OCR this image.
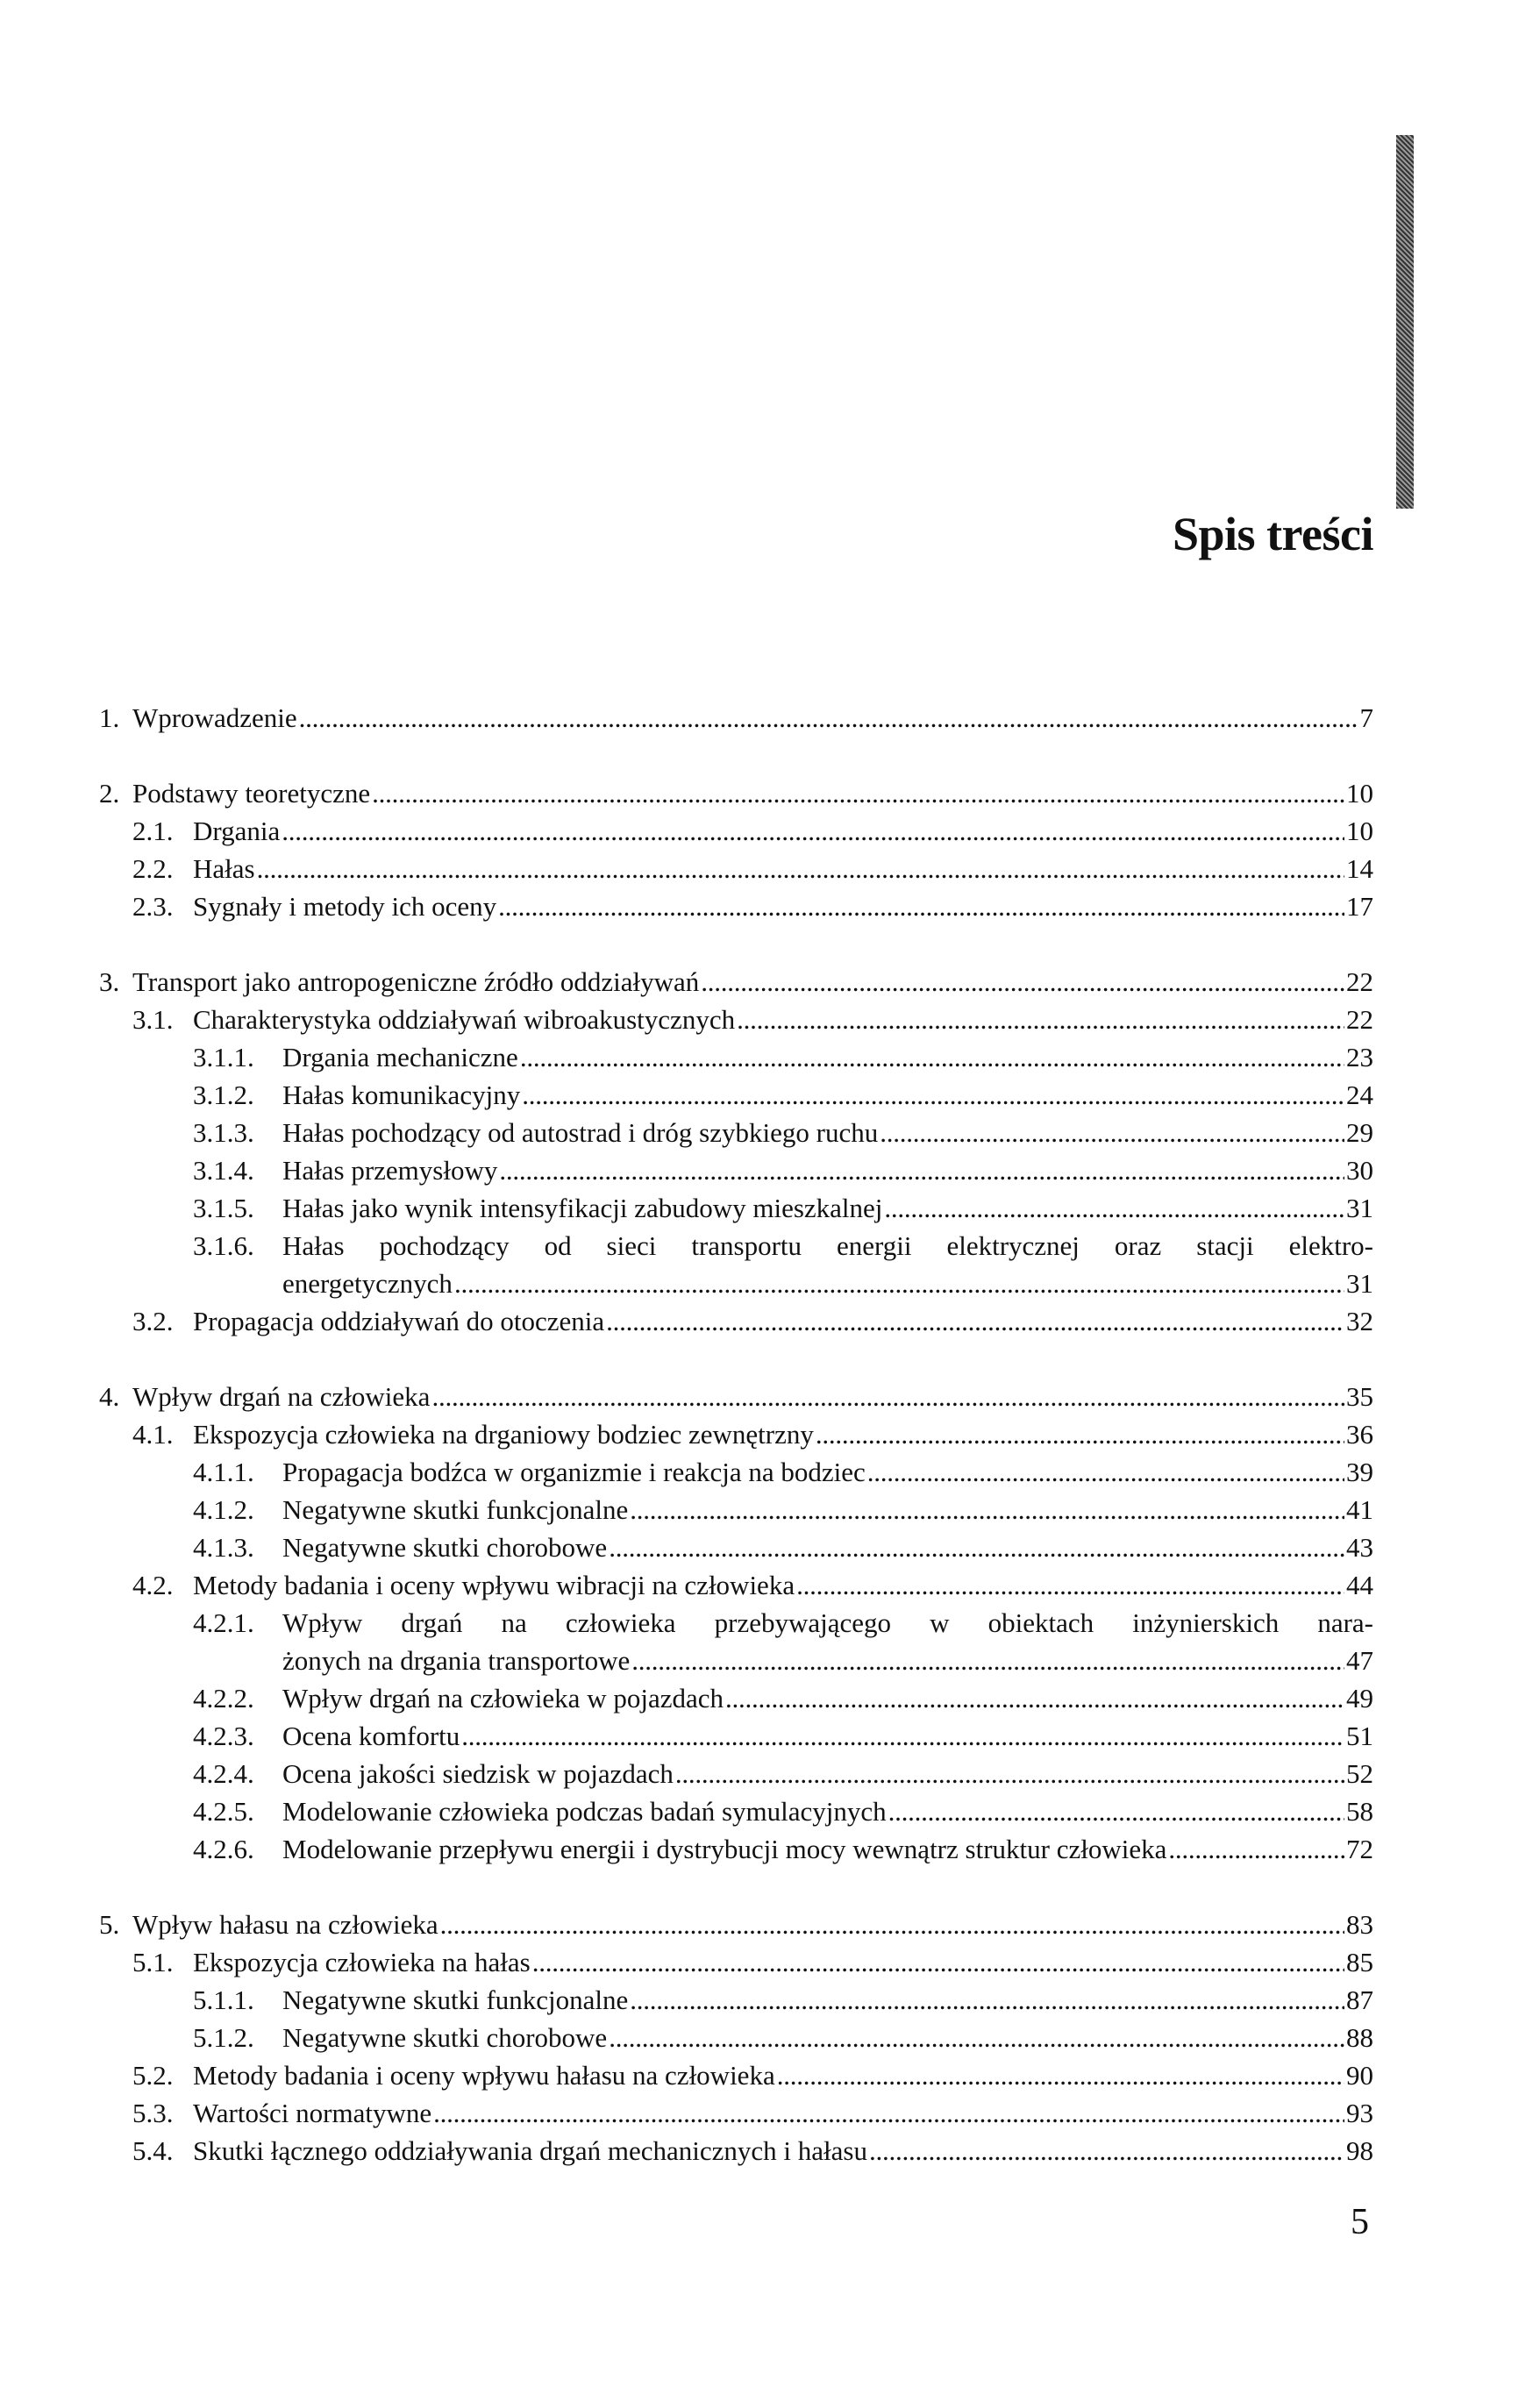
Spis treści
1. Wprowadzenie . . .	7
2. Podstawy teoretyczne . . .	10
2.1. Drgania . . .	10
2.2. Hałas . . .	14
2.3. Sygnały i metody ich oceny . . .	17
3. Transport jako antropogeniczne źródło oddziaływań . . .	22
3.1. Charakterystyka oddziaływań wibroakustycznych . . .	22
3.1.1.	Drgania mechaniczne . . .	23
3.1.2.	Hałas komunikacyjny . . .	24
3.1.3.	Hałas pochodzący od autostrad i dróg szybkiego ruchu . . .	29
3.1.4.	Hałas przemysłowy . . .	30
3.1.5.	Hałas jako wynik intensyfikacji zabudowy mieszkalnej . . .	31
3.1.6.	Hałas pochodzący od sieci transportu energii elektrycznej oraz stacji elektro-
energetycznych . . .	31
3.2. Propagacja oddziaływań do otoczenia . . .	32
4. Wpływ drgań na człowieka . . .	35
4.1. Ekspozycja człowieka na drganiowy bodziec zewnętrzny . . .	36
4.1.1.	Propagacja bodźca w organizmie i reakcja na bodziec . . .	39
4.1.2.	Negatywne skutki funkcjonalne . . .	41
4.1.3.	Negatywne skutki chorobowe . . .	43
4.2. Metody badania i oceny wpływu wibracji na człowieka . . .	44
4.2.1.	Wpływ drgań na człowieka przebywającego w obiektach inżynierskich nara-
żonych na drgania transportowe . . .	47
4.2.2.	Wpływ drgań na człowieka w pojazdach . . .	49
4.2.3.	Ocena komfortu . . .	51
4.2.4.	Ocena jakości siedzisk w pojazdach . . .	52
4.2.5.	Modelowanie człowieka podczas badań symulacyjnych . . .	58
4.2.6.	Modelowanie przepływu energii i dystrybucji mocy wewnątrz struktur człowieka . . .	72
5. Wpływ hałasu na człowieka . . .	83
5.1. Ekspozycja człowieka na hałas . . .	85
5.1.1.	Negatywne skutki funkcjonalne . . .	87
5.1.2.	Negatywne skutki chorobowe . . .	88
5.2. Metody badania i oceny wpływu hałasu na człowieka . . .	90
5.3. Wartości normatywne . . .	93
5.4. Skutki łącznego oddziaływania drgań mechanicznych i hałasu . . .	98
5
